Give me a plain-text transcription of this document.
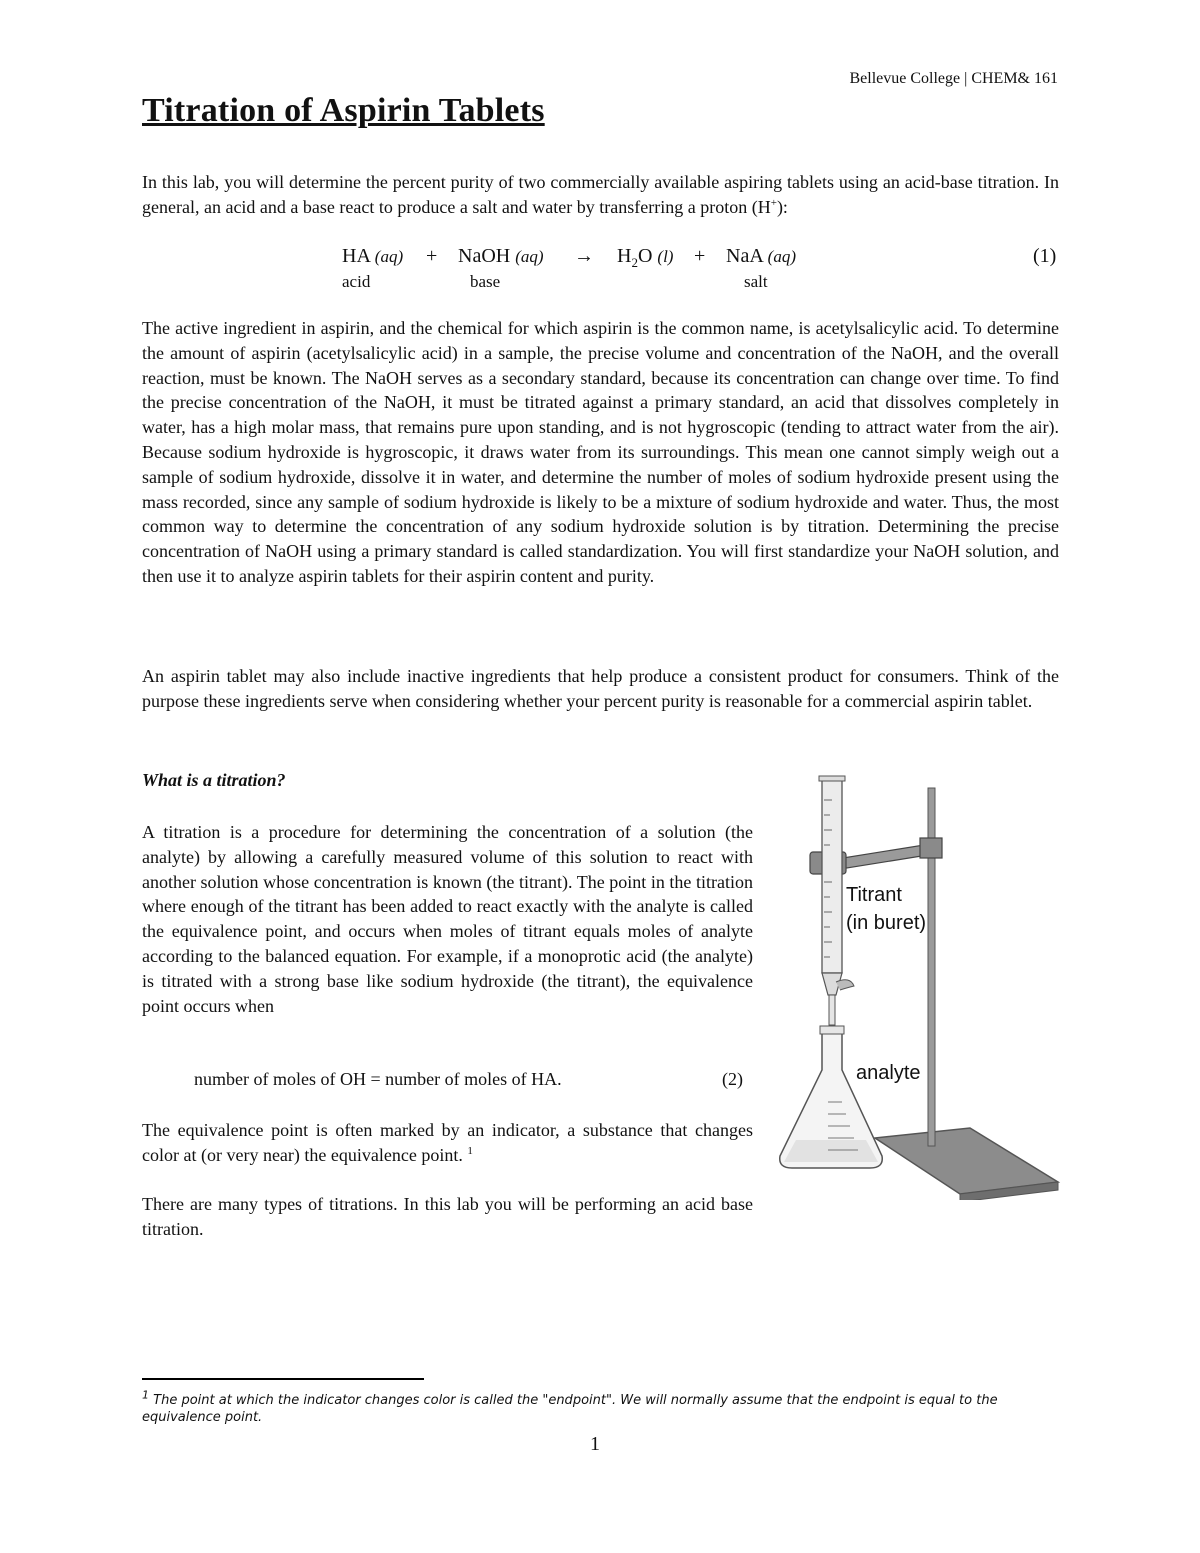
Bellevue College | CHEM& 161
Titration of Aspirin Tablets

In this lab, you will determine the percent purity of two commercially available aspiring tablets using an acid-base titration. In general, an acid and a base react to produce a salt and water by transferring a proton (H+):

HA (aq) + NaOH $(aq) \to H_2O$ (l) + NaA (aq)	(1)
acid	base	salt

The active ingredient in aspirin, and the chemical for which aspirin is the common name, is acetylsalicylic acid. To determine the amount of aspirin (acetylsalicylic acid) in a sample, the precise volume and concentration of the NaOH, and the overall reaction, must be known. The NaOH serves as a secondary standard, because its concentration can change over time. To find the precise concentration of the NaOH, it must be titrated against a primary standard, an acid that dissolves completely in water, has a high molar mass, that remains pure upon standing, and is not hygroscopic (tending to attract water from the air). Because sodium hydroxide is hygroscopic, it draws water from its surroundings. This mean one cannot simply weigh out a sample of sodium hydroxide, dissolve it in water, and determine the number of moles of sodium hydroxide present using the mass recorded, since any sample of sodium hydroxide is likely to be a mixture of sodium hydroxide and water. Thus, the most common way to determine the concentration of any sodium hydroxide solution is by titration. Determining the precise concentration of NaOH using a primary standard is called standardization. You will first standardize your NaOH solution, and then use it to analyze aspirin tablets for their aspirin content and purity.

An aspirin tablet may also include inactive ingredients that help produce a consistent product for consumers. Think of the purpose these ingredients serve when considering whether your percent purity is reasonable for a commercial aspirin tablet.

What is a titration?

A titration is a procedure for determining the concentration of a solution (the analyte) by allowing a carefully measured volume of this solution to react with another solution whose concentration is known (the titrant). The point in the titration where enough of the titrant has been added to react exactly with the analyte is called the equivalence point, and occurs when moles of titrant equals moles of analyte according to the balanced equation. For example, if a monoprotic acid (the analyte) is titrated with a strong base like sodium hydroxide (the titrant), the equivalence point occurs when

number of moles of OH = number of moles of HA.	(2)

The equivalence point is often marked by an indicator, a substance that changes color at (or very near) the equivalence point. $^1$

There are many types of titrations. In this lab you will be performing an acid base titration.

Titrant
(in buret)
analyte

$^1$ The point at which the indicator changes color is called the "endpoint". We will normally assume that the endpoint is equal to the equivalence point.

1
